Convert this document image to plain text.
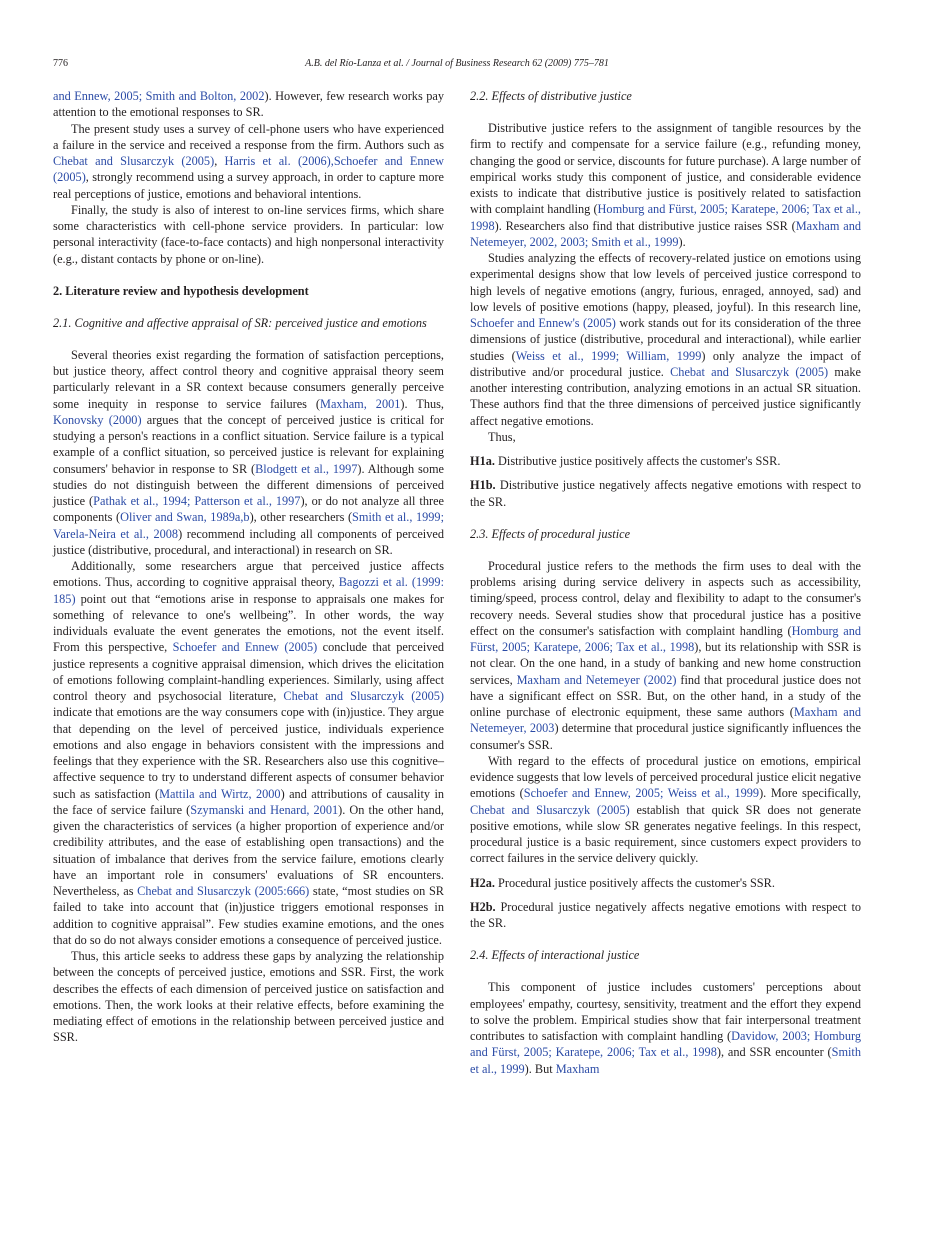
776	A.B. del Río-Lanza et al. / Journal of Business Research 62 (2009) 775–781

and Ennew, 2005; Smith and Bolton, 2002). However, few research works pay attention to the emotional responses to SR.

The present study uses a survey of cell-phone users who have experienced a failure in the service and received a response from the firm. Authors such as Chebat and Slusarczyk (2005), Harris et al. (2006),Schoefer and Ennew (2005), strongly recommend using a survey approach, in order to capture more real perceptions of justice, emotions and behavioral intentions.

Finally, the study is also of interest to on-line services firms, which share some characteristics with cell-phone service providers. In particular: low personal interactivity (face-to-face contacts) and high nonpersonal interactivity (e.g., distant contacts by phone or on-line).

2. Literature review and hypothesis development
2.1. Cognitive and affective appraisal of SR: perceived justice and emotions

Several theories exist regarding the formation of satisfaction perceptions, but justice theory, affect control theory and cognitive appraisal theory seem particularly relevant in a SR context because consumers generally perceive some inequity in response to service failures (Maxham, 2001). Thus, Konovsky (2000) argues that the concept of perceived justice is critical for studying a person's reactions in a conflict situation. Service failure is a typical example of a conflict situation, so perceived justice is relevant for explaining consumers' behavior in response to SR (Blodgett et al., 1997). Although some studies do not distinguish between the different dimensions of perceived justice (Pathak et al., 1994; Patterson et al., 1997), or do not analyze all three components (Oliver and Swan, 1989a,b), other researchers (Smith et al., 1999; Varela-Neira et al., 2008) recommend including all components of perceived justice (distributive, procedural, and interactional) in research on SR.

Additionally, some researchers argue that perceived justice affects emotions. Thus, according to cognitive appraisal theory, Bagozzi et al. (1999: 185) point out that “emotions arise in response to appraisals one makes for something of relevance to one's wellbeing”. In other words, the way individuals evaluate the event generates the emotions, not the event itself. From this perspective, Schoefer and Ennew (2005) conclude that perceived justice represents a cognitive appraisal dimension, which drives the elicitation of emotions following complaint-handling experiences. Similarly, using affect control theory and psychosocial literature, Chebat and Slusarczyk (2005) indicate that emotions are the way consumers cope with (in)justice. They argue that depending on the level of perceived justice, individuals experience emotions and also engage in behaviors consistent with the impressions and feelings that they experience with the SR. Researchers also use this cognitive–affective sequence to try to understand different aspects of consumer behavior such as satisfaction (Mattila and Wirtz, 2000) and attributions of causality in the face of service failure (Szymanski and Henard, 2001). On the other hand, given the characteristics of services (a higher proportion of experience and/or credibility attributes, and the ease of establishing open transactions) and the situation of imbalance that derives from the service failure, emotions clearly have an important role in consumers' evaluations of SR encounters. Nevertheless, as Chebat and Slusarczyk (2005:666) state, “most studies on SR failed to take into account that (in)justice triggers emotional responses in addition to cognitive appraisal”. Few studies examine emotions, and the ones that do so do not always consider emotions a consequence of perceived justice.

Thus, this article seeks to address these gaps by analyzing the relationship between the concepts of perceived justice, emotions and SSR. First, the work describes the effects of each dimension of perceived justice on satisfaction and emotions. Then, the work looks at their relative effects, before examining the mediating effect of emotions in the relationship between perceived justice and SSR.

2.2. Effects of distributive justice

Distributive justice refers to the assignment of tangible resources by the firm to rectify and compensate for a service failure (e.g., refunding money, changing the good or service, discounts for future purchase). A large number of empirical works study this component of justice, and considerable evidence exists to indicate that distributive justice is positively related to satisfaction with complaint handling (Homburg and Fürst, 2005; Karatepe, 2006; Tax et al., 1998). Researchers also find that distributive justice raises SSR (Maxham and Netemeyer, 2002, 2003; Smith et al., 1999).

Studies analyzing the effects of recovery-related justice on emotions using experimental designs show that low levels of perceived justice correspond to high levels of negative emotions (angry, furious, enraged, annoyed, sad) and low levels of positive emotions (happy, pleased, joyful). In this research line, Schoefer and Ennew's (2005) work stands out for its consideration of the three dimensions of justice (distributive, procedural and interactional), while earlier studies (Weiss et al., 1999; William, 1999) only analyze the impact of distributive and/or procedural justice. Chebat and Slusarczyk (2005) make another interesting contribution, analyzing emotions in an actual SR situation. These authors find that the three dimensions of perceived justice significantly affect negative emotions.

Thus,

H1a. Distributive justice positively affects the customer's SSR.

H1b. Distributive justice negatively affects negative emotions with respect to the SR.

2.3. Effects of procedural justice

Procedural justice refers to the methods the firm uses to deal with the problems arising during service delivery in aspects such as accessibility, timing/speed, process control, delay and flexibility to adapt to the consumer's recovery needs. Several studies show that procedural justice has a positive effect on the consumer's satisfaction with complaint handling (Homburg and Fürst, 2005; Karatepe, 2006; Tax et al., 1998), but its relationship with SSR is not clear. On the one hand, in a study of banking and new home construction services, Maxham and Netemeyer (2002) find that procedural justice does not have a significant effect on SSR. But, on the other hand, in a study of the online purchase of electronic equipment, these same authors (Maxham and Netemeyer, 2003) determine that procedural justice significantly influences the consumer's SSR.

With regard to the effects of procedural justice on emotions, empirical evidence suggests that low levels of perceived procedural justice elicit negative emotions (Schoefer and Ennew, 2005; Weiss et al., 1999). More specifically, Chebat and Slusarczyk (2005) establish that quick SR does not generate positive emotions, while slow SR generates negative feelings. In this respect, procedural justice is a basic requirement, since customers expect providers to correct failures in the service delivery quickly.

H2a. Procedural justice positively affects the customer's SSR.

H2b. Procedural justice negatively affects negative emotions with respect to the SR.

2.4. Effects of interactional justice

This component of justice includes customers' perceptions about employees' empathy, courtesy, sensitivity, treatment and the effort they expend to solve the problem. Empirical studies show that fair interpersonal treatment contributes to satisfaction with complaint handling (Davidow, 2003; Homburg and Fürst, 2005; Karatepe, 2006; Tax et al., 1998), and SSR encounter (Smith et al., 1999). But Maxham
